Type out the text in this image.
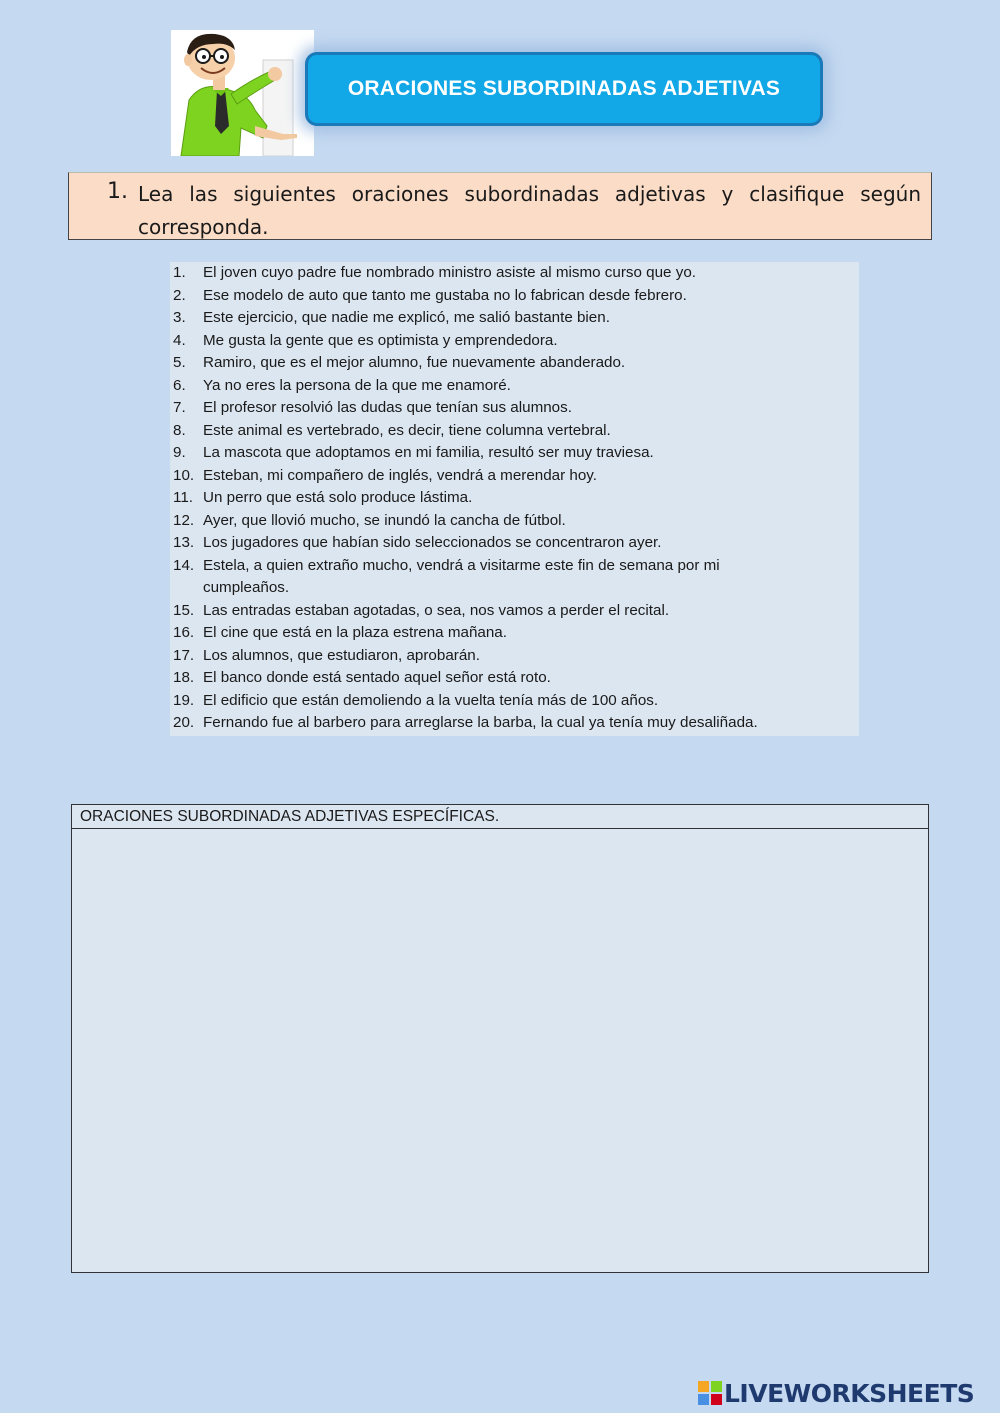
ORACIONES SUBORDINADAS ADJETIVAS
1. Lea las siguientes oraciones subordinadas adjetivas y clasifique según corresponda.
1. El joven cuyo padre fue nombrado ministro asiste al mismo curso que yo.
2. Ese modelo de auto que tanto me gustaba no lo fabrican desde febrero.
3. Este ejercicio, que nadie me explicó, me salió bastante bien.
4. Me gusta la gente que es optimista y emprendedora.
5. Ramiro, que es el mejor alumno, fue nuevamente abanderado.
6. Ya no eres la persona de la que me enamoré.
7. El profesor resolvió las dudas que tenían sus alumnos.
8. Este animal es vertebrado, es decir, tiene columna vertebral.
9. La mascota que adoptamos en mi familia, resultó ser muy traviesa.
10. Esteban, mi compañero de inglés, vendrá a merendar hoy.
11. Un perro que está solo produce lástima.
12. Ayer, que llovió mucho, se inundó la cancha de fútbol.
13. Los jugadores que habían sido seleccionados se concentraron ayer.
14. Estela, a quien extraño mucho, vendrá a visitarme este fin de semana por mi cumpleaños.
15. Las entradas estaban agotadas, o sea, nos vamos a perder el recital.
16. El cine que está en la plaza estrena mañana.
17. Los alumnos, que estudiaron, aprobarán.
18. El banco donde está sentado aquel señor está roto.
19. El edificio que están demoliendo a la vuelta tenía más de 100 años.
20. Fernando fue al barbero para arreglarse la barba, la cual ya tenía muy desaliñada.
ORACIONES SUBORDINADAS ADJETIVAS ESPECÍFICAS.
LIVEWORKSHEETS
